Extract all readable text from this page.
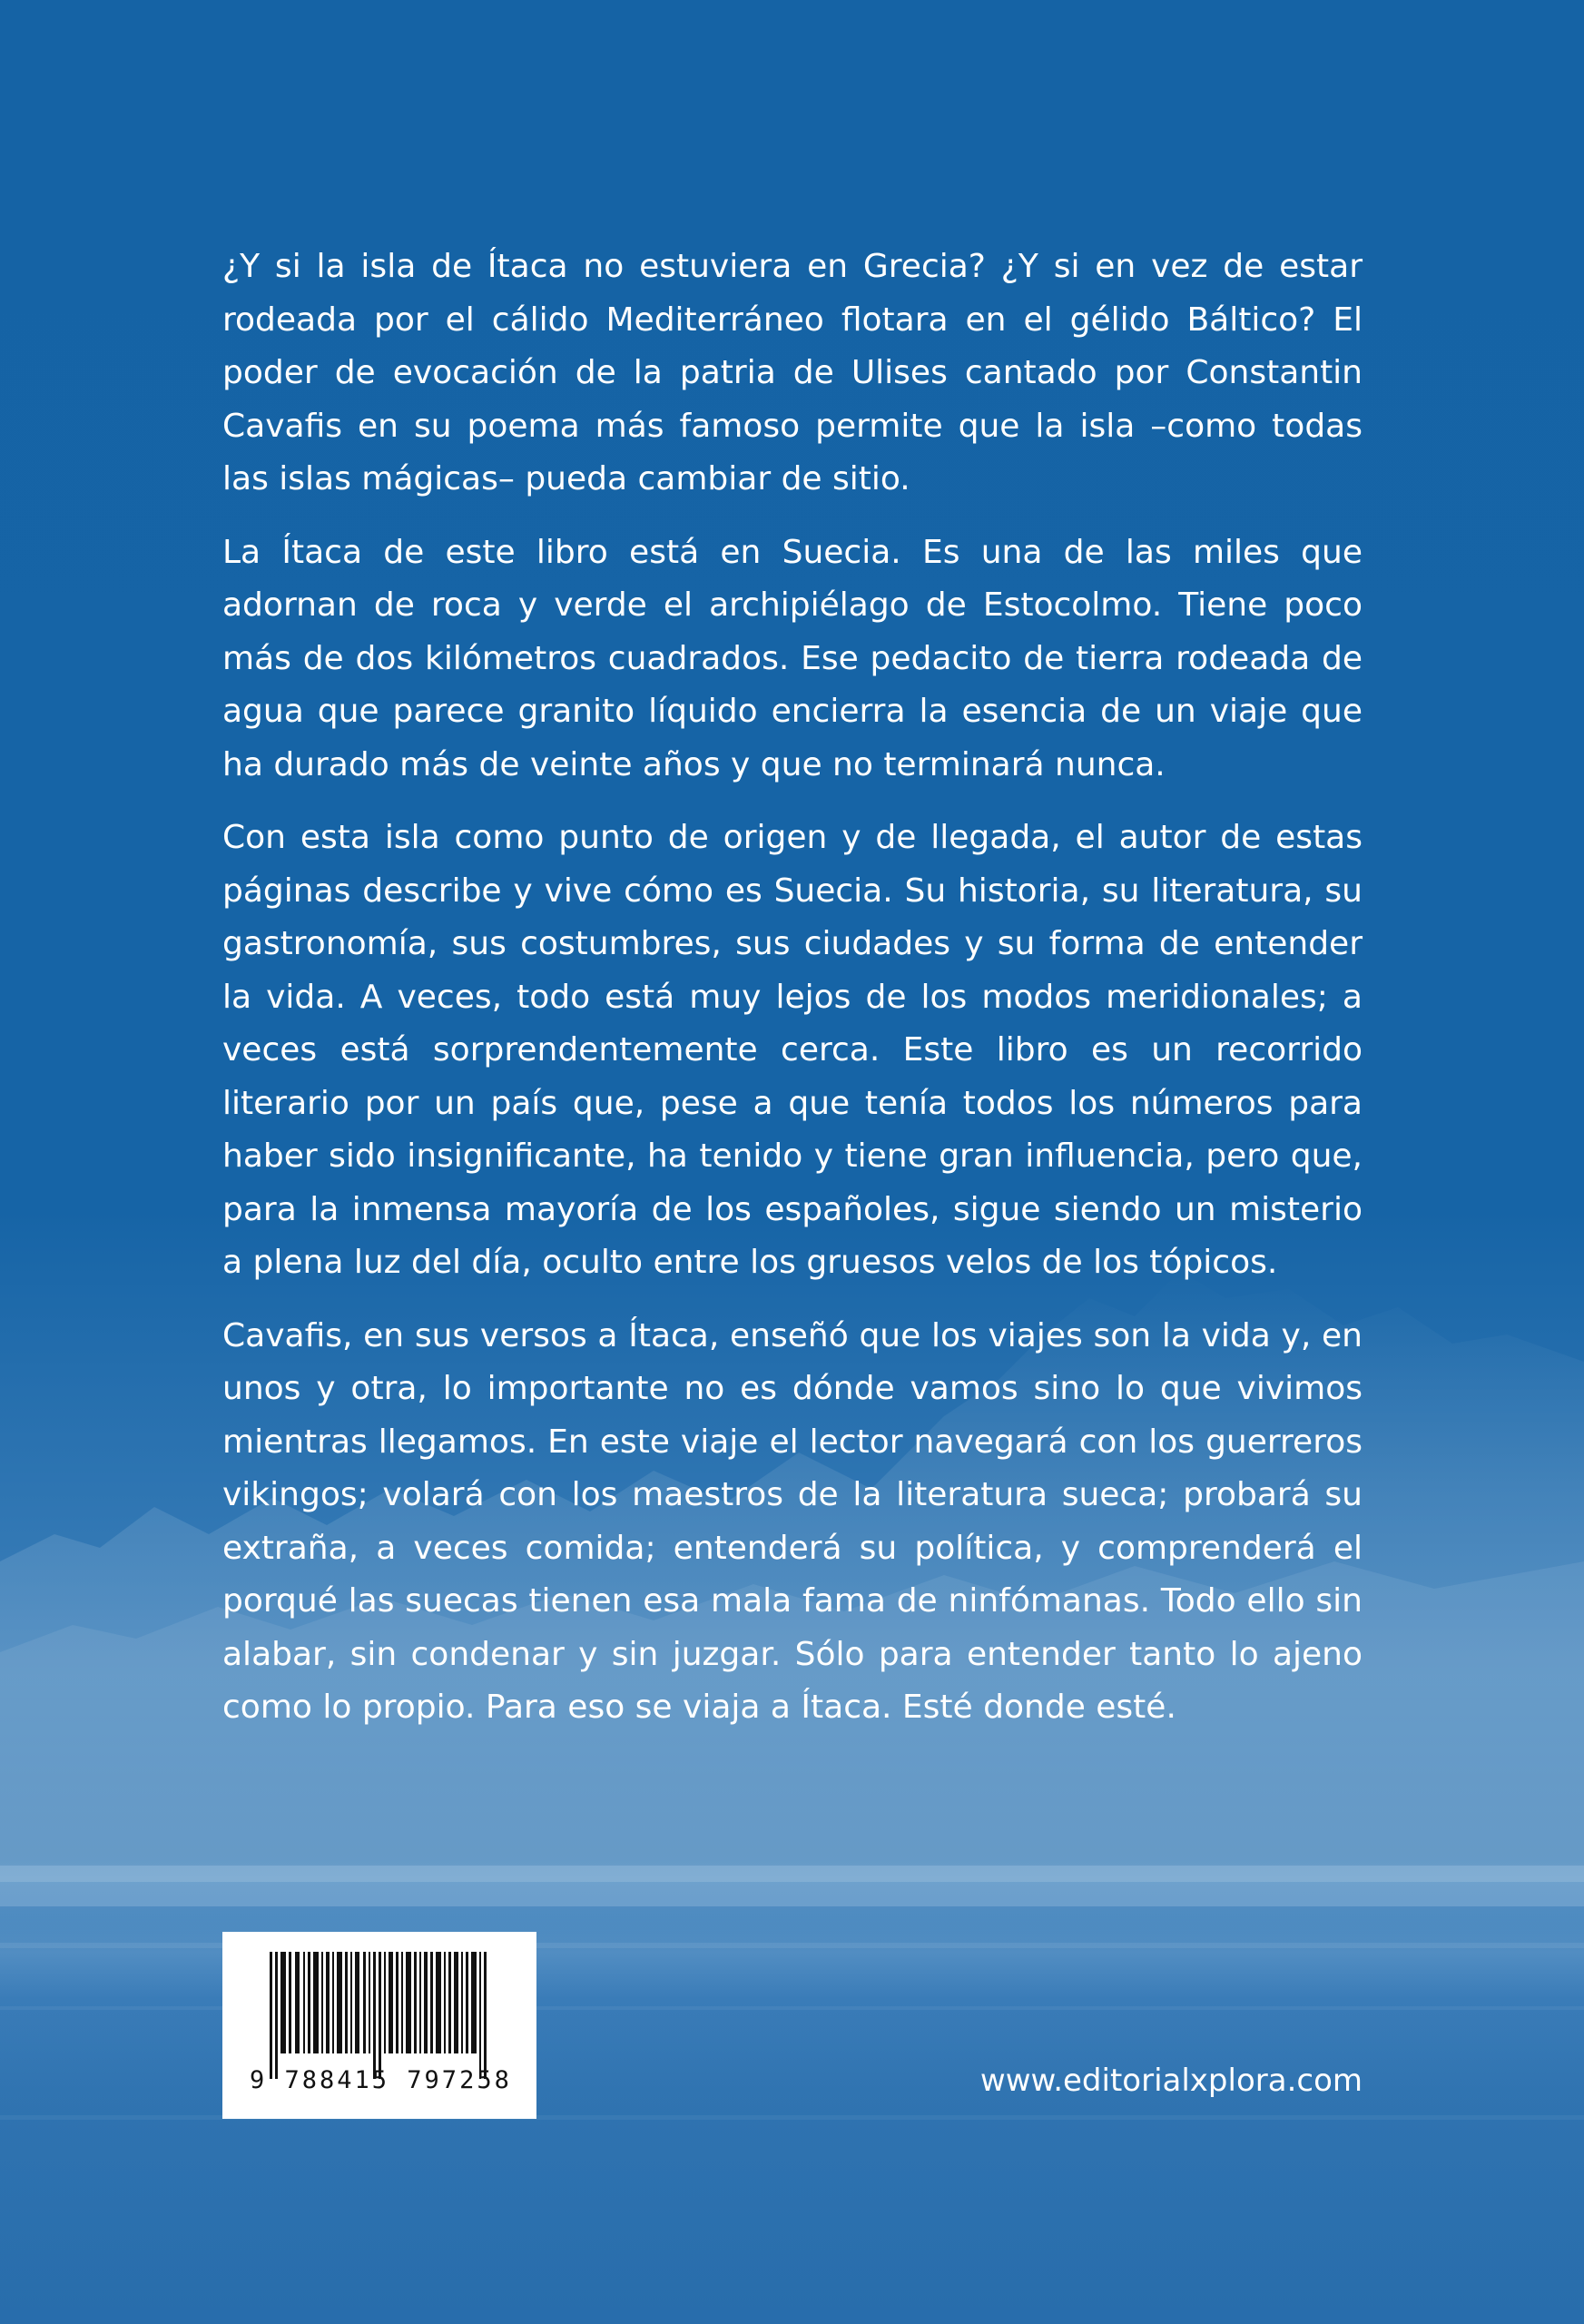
¿Y si la isla de Ítaca no estuviera en Grecia? ¿Y si en vez de estar rodeada por el cálido Mediterráneo flotara en el gélido Báltico? El poder de evocación de la patria de Ulises cantado por Constantin Cavafis en su poema más famoso permite que la isla –como todas las islas mágicas– pueda cambiar de sitio.

La Ítaca de este libro está en Suecia. Es una de las miles que adornan de roca y verde el archipiélago de Estocolmo. Tiene poco más de dos kilómetros cuadrados. Ese pedacito de tierra rodeada de agua que parece granito líquido encierra la esencia de un viaje que ha durado más de veinte años y que no terminará nunca.

Con esta isla como punto de origen y de llegada, el autor de estas páginas describe y vive cómo es Suecia. Su historia, su literatura, su gastronomía, sus costumbres, sus ciudades y su forma de entender la vida. A veces, todo está muy lejos de los modos meridionales; a veces está sorprendentemente cerca. Este libro es un recorrido literario por un país que, pese a que tenía todos los números para haber sido insignificante, ha tenido y tiene gran influencia, pero que, para la inmensa mayoría de los españoles, sigue siendo un misterio a plena luz del día, oculto entre los gruesos velos de los tópicos.

Cavafis, en sus versos a Ítaca, enseñó que los viajes son la vida y, en unos y otra, lo importante no es dónde vamos sino lo que vivimos mientras llegamos. En este viaje el lector navegará con los guerreros vikingos; volará con los maestros de la literatura sueca; probará su extraña, a veces comida; entenderá su política, y comprenderá el porqué las suecas tienen esa mala fama de ninfómanas. Todo ello sin alabar, sin condenar y sin juzgar. Sólo para entender tanto lo ajeno como lo propio. Para eso se viaja a Ítaca. Esté donde esté.

9 788415 797258	www.editorialxplora.com
